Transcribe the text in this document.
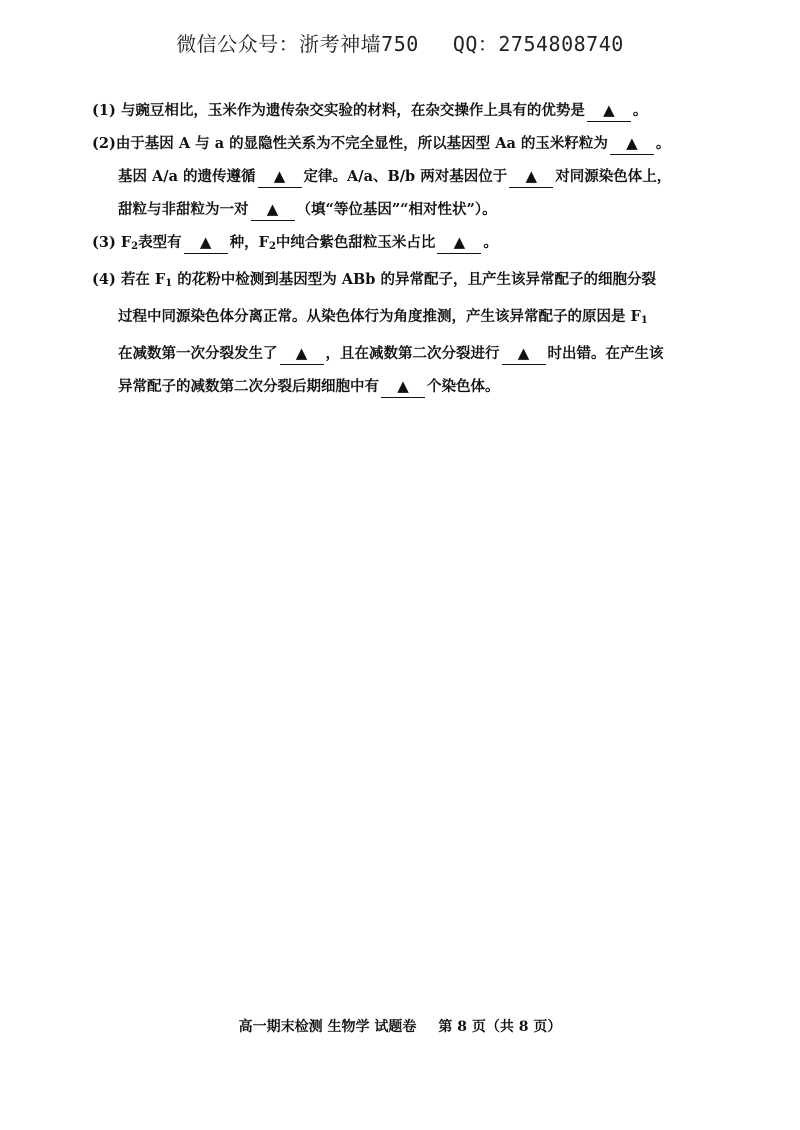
微信公众号：浙考神墙750 QQ：2754808740
(1) 与豌豆相比，玉米作为遗传杂交实验的材料，在杂交操作上具有的优势是 ▲ 。
(2)由于基因 A 与 a 的显隐性关系为不完全显性，所以基因型 Aa 的玉米籽粒为 ▲ 。
基因 A/a 的遗传遵循 ▲ 定律。A/a、B/b 两对基因位于 ▲ 对同源染色体上，
甜粒与非甜粒为一对 ▲ （填“等位基因”“相对性状”）。
(3) $F_2$表型有 ▲ 种，$F_2$中纯合紫色甜粒玉米占比 ▲ 。
(4) 若在 $F_1$ 的花粉中检测到基因型为 ABb 的异常配子，且产生该异常配子的细胞分裂
过程中同源染色体分离正常。从染色体行为角度推测，产生该异常配子的原因是 $F_1$
在减数第一次分裂发生了 ▲ ，且在减数第二次分裂进行 ▲ 时出错。在产生该
异常配子的减数第二次分裂后期细胞中有 ▲ 个染色体。
高一期末检测 生物学 试题卷 第 8 页（共 8 页）
